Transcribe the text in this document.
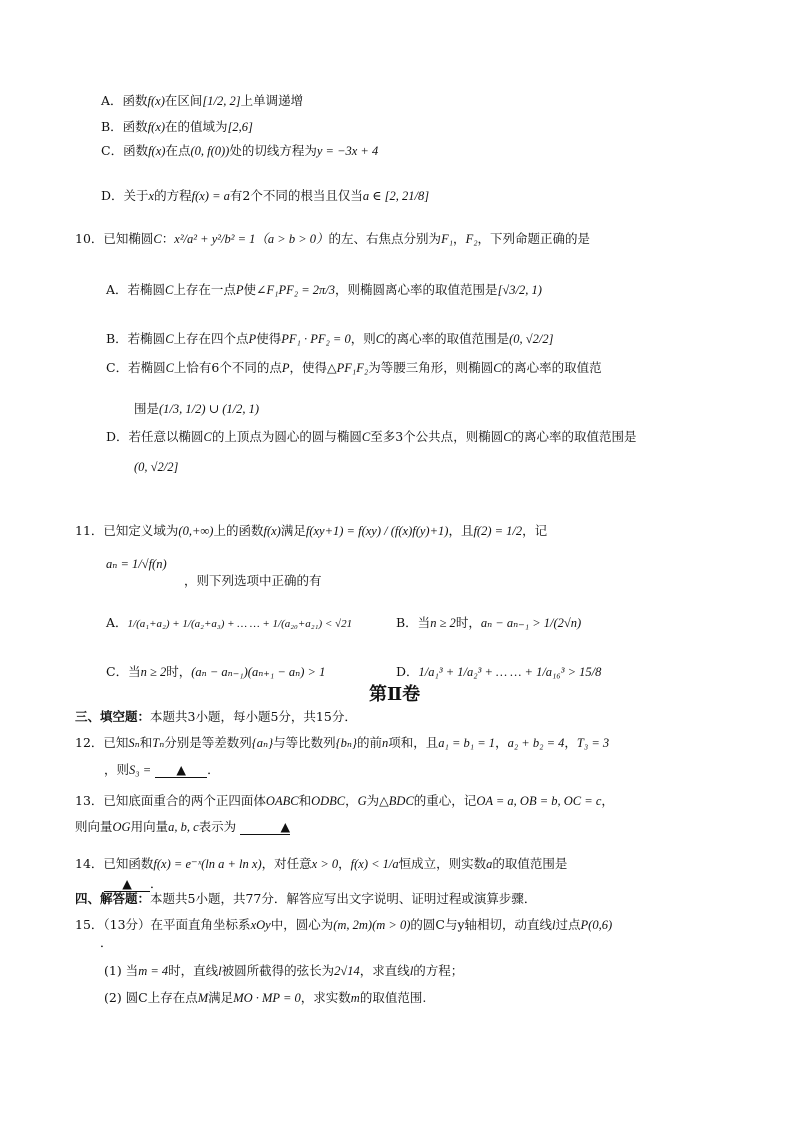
A．函数f(x)在区间[1/2, 2]上单调递增
B．函数f(x)在的值域为[2,6]
C．函数f(x)在点(0, f(0))处的切线方程为y = −3x + 4
D．关于x的方程f(x) = a有2个不同的根当且仅当a ∈ [2, 21/8]
10．已知椭圆C：x²/a² + y²/b² = 1（a > b > 0）的左、右焦点分别为F₁，F₂，下列命题正确的是
A．若椭圆C上存在一点P使∠F₁PF₂ = 2π/3，则椭圆离心率的取值范围是[√3/2, 1)
B．若椭圆C上存在四个点P使得PF₁ · PF₂ = 0，则C的离心率的取值范围是(0, √2/2]
C．若椭圆C上恰有6个不同的点P，使得△PF₁F₂为等腰三角形，则椭圆C的离心率的取值范
围是(1/3, 1/2) ∪ (1/2, 1)
D．若任意以椭圆C的上顶点为圆心的圆与椭圆C至多3个公共点，则椭圆C的离心率的取值范围是
(0, √2/2]
11．已知定义域为(0,+∞)上的函数f(x)满足f(xy+1) = f(xy) / (f(x)f(y)+1)，且f(2) = 1/2，记
aₙ = 1/√f(n)
，则下列选项中正确的有
A．1/(a₁+a₂) + 1/(a₂+a₃) + … … + 1/(a₂₀+a₂₁) < √21	B．当n ≥ 2时，aₙ − aₙ₋₁ > 1/(2√n)
C．当n ≥ 2时，(aₙ − aₙ₋₁)(aₙ₊₁ − aₙ) > 1	D．1/a₁³ + 1/a₂³ + … … + 1/a₁₆³ > 15/8
第Ⅱ卷
三、填空题：本题共3小题，每小题5分，共15分．
12．已知Sₙ和Tₙ分别是等差数列{aₙ}与等比数列{bₙ}的前n项和，且a₁ = b₁ = 1，a₂ + b₂ = 4，T₃ = 3
，则S₃ = ▲ ．
13．已知底面重合的两个正四面体OABC和ODBC，G为△BDC的重心，记OA = a, OB = b, OC = c，
则向量OG用向量a, b, c表示为	▲
14．已知函数f(x) = e⁻ˣ(ln a + ln x)，对任意x > 0，f(x) < 1/a恒成立，则实数a的取值范围是
▲ ．
四、解答题：本题共5小题，共77分．解答应写出文字说明、证明过程或演算步骤．
15．（13分）在平面直角坐标系xOy中，圆心为(m, 2m)(m > 0)的圆C与y轴相切，动直线l过点P(0,6)
．
(1) 当m = 4时，直线l被圆所截得的弦长为2√14，求直线l的方程；
(2) 圆C上存在点M满足MO · MP = 0，求实数m的取值范围.
